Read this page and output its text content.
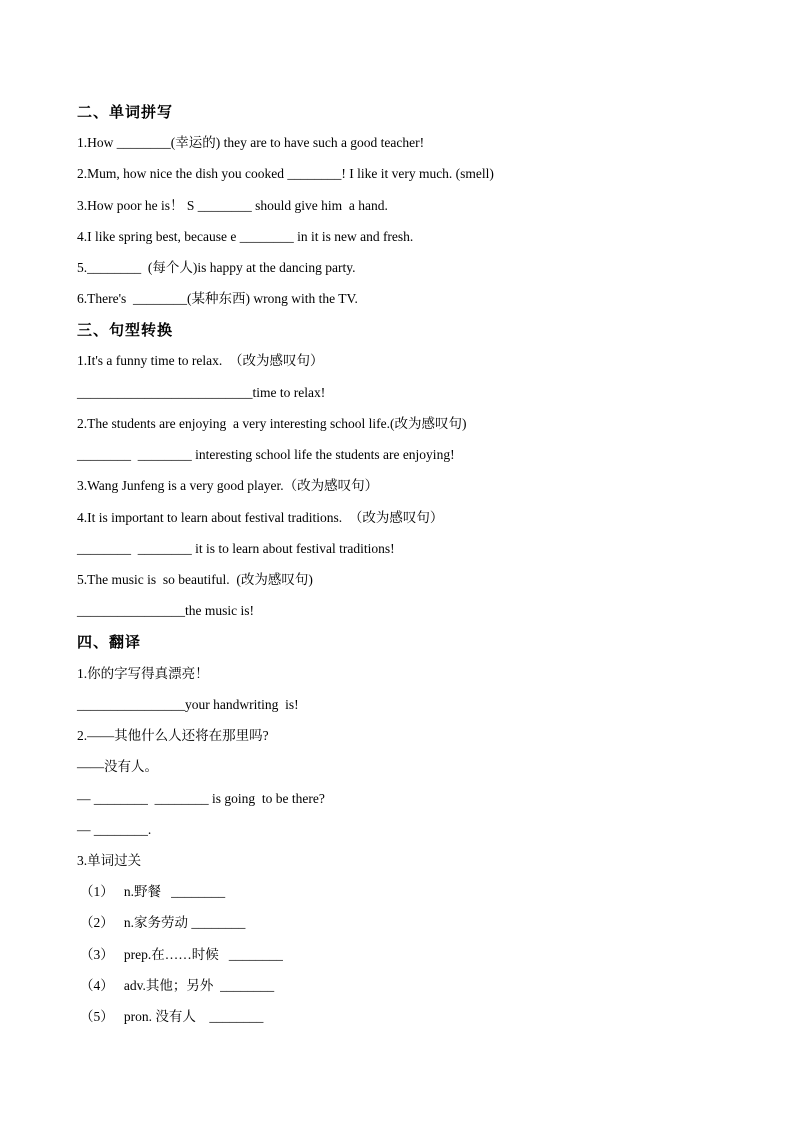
二、单词拼写
1.How ________(幸运的) they are to have such a good teacher!
2.Mum, how nice the dish you cooked ________! I like it very much. (smell)
3.How poor he is！ S ________ should give him  a hand.
4.I like spring best, because e ________ in it is new and fresh.
5.________  (每个人)is happy at the dancing party.
6.There's  ________(某种东西) wrong with the TV.
三、句型转换
1.It's a funny time to relax.  （改为感叹句）
__________________________time to relax!
2.The students are enjoying  a very interesting school life.(改为感叹句)
________  ________ interesting school life the students are enjoying!
3.Wang Junfeng is a very good player.（改为感叹句）
4.It is important to learn about festival traditions.  （改为感叹句）
________  ________ it is to learn about festival traditions!
5.The music is  so beautiful.  (改为感叹句)
________________the music is!
四、翻译
1.你的字写得真漂亮！
________________your handwriting  is!
2.——其他什么人还将在那里吗?
——没有人。
— ________  ________ is going  to be there?
— ________.
3.单词过关
（1）   n.野餐   ________
（2）   n.家务劳动 ________
（3）   prep.在……时候   ________
（4）   adv.其他；另外  ________
（5）   pron. 没有人    ________
